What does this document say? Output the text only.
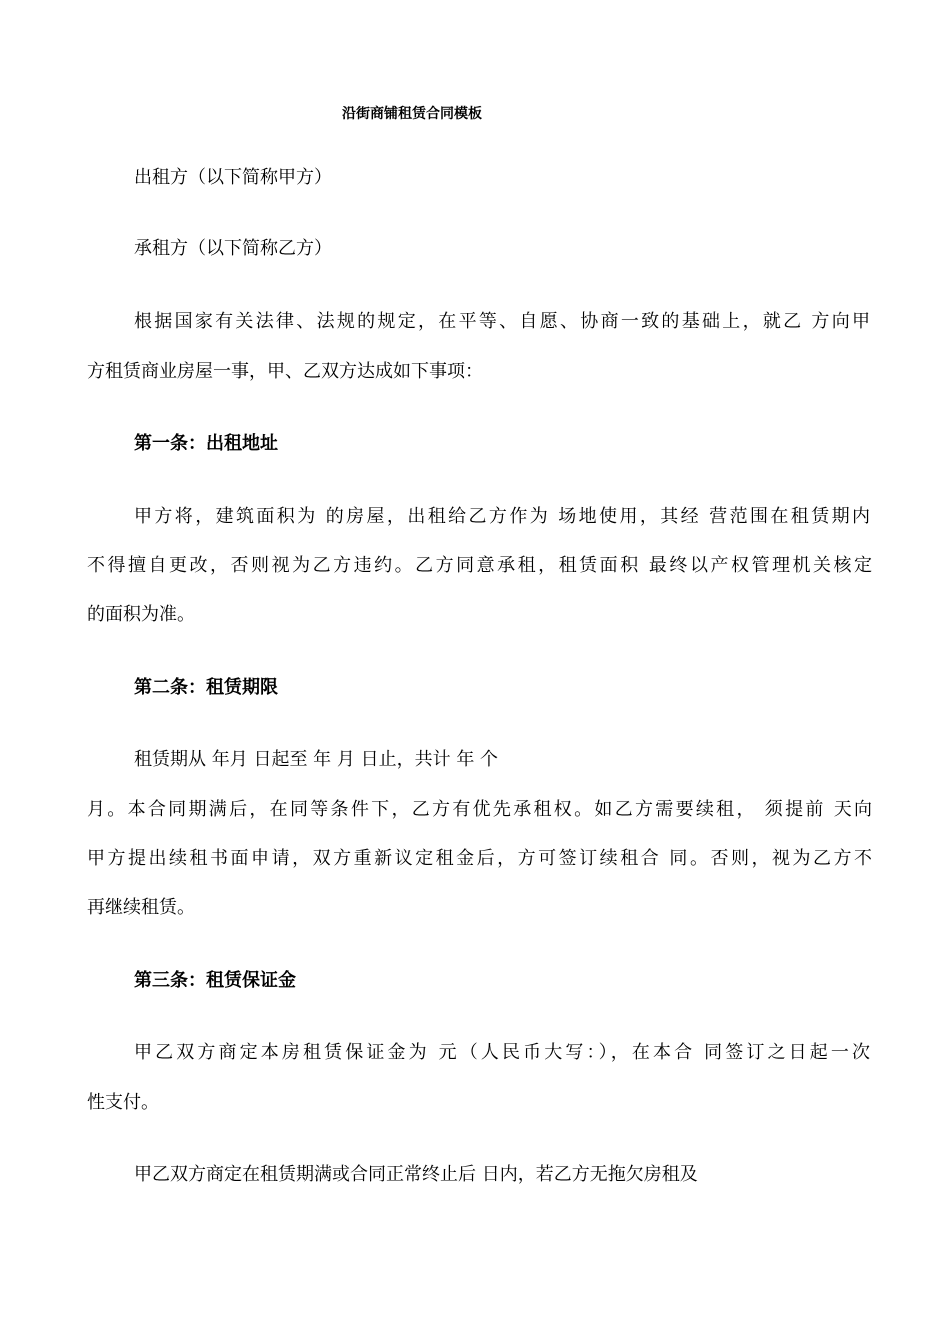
沿街商铺租赁合同模板
出租方（以下简称甲方）
承租方（以下简称乙方）
根据国家有关法律、法规的规定，在平等、自愿、协商一致的基础上，就乙 方向甲
方租赁商业房屋一事，甲、乙双方达成如下事项：
第一条：出租地址
甲方将，建筑面积为 的房屋，出租给乙方作为 场地使用，其经 营范围在租赁期内
不得擅自更改，否则视为乙方违约。乙方同意承租，租赁面积 最终以产权管理机关核定
的面积为准。
第二条：租赁期限
租赁期从 年月 日起至 年 月 日止，共计 年 个
月。本合同期满后，在同等条件下，乙方有优先承租权。如乙方需要续租， 须提前 天向
甲方提出续租书面申请，双方重新议定租金后，方可签订续租合 同。否则，视为乙方不
再继续租赁。
第三条：租赁保证金
甲乙双方商定本房租赁保证金为 元（人民币大写：），在本合 同签订之日起一次
性支付。
甲乙双方商定在租赁期满或合同正常终止后 日内，若乙方无拖欠房租及
